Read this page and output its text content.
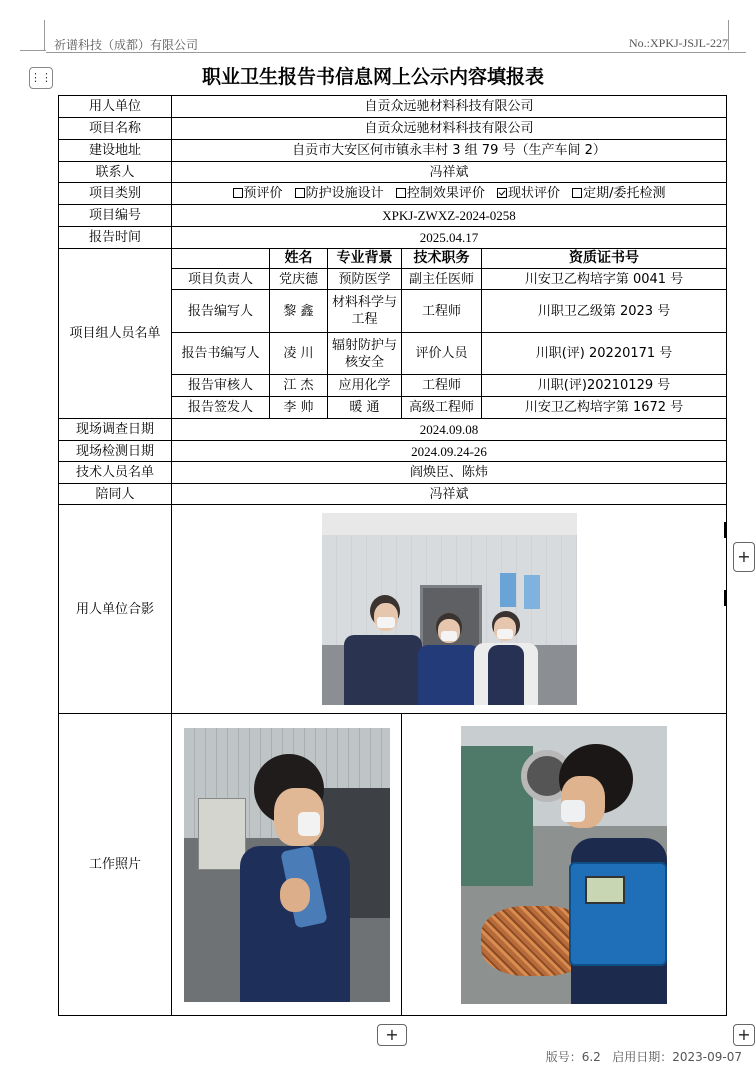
祈谱科技（成都）有限公司	No.:XPKJ-JSJL-227
⋮⋮	职业卫生报告书信息网上公示内容填报表
用人单位	自贡众远驰材料科技有限公司				
项目名称	自贡众远驰材料科技有限公司				
建设地址	自贡市大安区何市镇永丰村 3 组 79 号（生产车间 2）				
联系人	冯祥斌				
项目类别	预评价 防护设施设计 控制效果评价 现状评价 定期/委托检测				
项目编号	XPKJ-ZWXZ-2024-0258				
报告时间	2025.04.17				
项目组人员名单		姓名	专业背景	技术职务	资质证书号
	项目负责人	党庆德	预防医学	副主任医师	川安卫乙构培字第 0041 号
	报告编写人	黎 鑫	材料科学与工程	工程师	川职卫乙级第 2023 号
	报告书编写人	凌 川	辐射防护与核安全	评价人员	川职(评) 20220171 号
	报告审核人	江 杰	应用化学	工程师	川职(评)20210129 号
	报告签发人	李 帅	暖 通	高级工程师	川安卫乙构培字第 1672 号
现场调查日期	2024.09.08				
现场检测日期	2024.09.24-26				
技术人员名单	阎焕臣、陈炜				
陪同人	冯祥斌				
用人单位合影					

工作照片				

+
+	+
版号：6.2 启用日期：2023-09-07
